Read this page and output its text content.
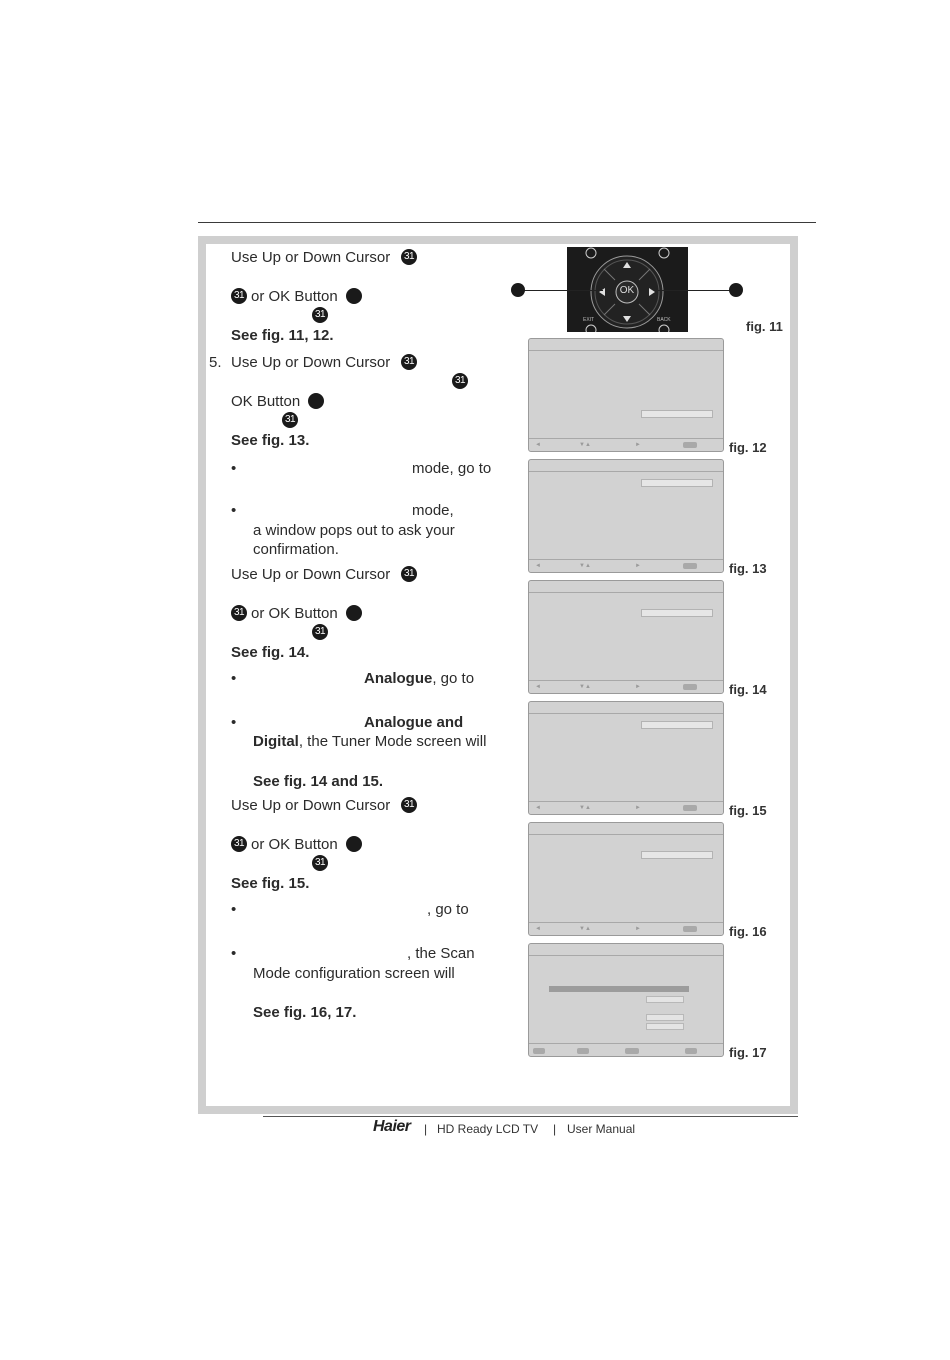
Use Up or Down Cursor 31
31 or OK Button
31
See fig. 11, 12.
5. Use Up or Down Cursor 31
31
OK Button
31
See fig. 13.
•	mode, go to
•	mode,
a window pops out to ask your
confirmation.
Use Up or Down Cursor 31
31 or OK Button
31
See fig. 14.
•	Analogue, go to
•	Analogue and
Digital, the Tuner Mode screen will
See fig. 14 and 15.
Use Up or Down Cursor 31
31 or OK Button
31
See fig. 15.
•	, go to
•	, the Scan
Mode configuration screen will
See fig. 16, 17.
OK
EXIT	BACK	fig. 11
◄	▼▲	►	fig. 12
◄	▼▲	►	fig. 13
◄	▼▲	►	fig. 14
◄	▼▲	►	fig. 15
◄	▼▲	►	fig. 16
fig. 17
Haier | HD Ready LCD TV | User Manual
